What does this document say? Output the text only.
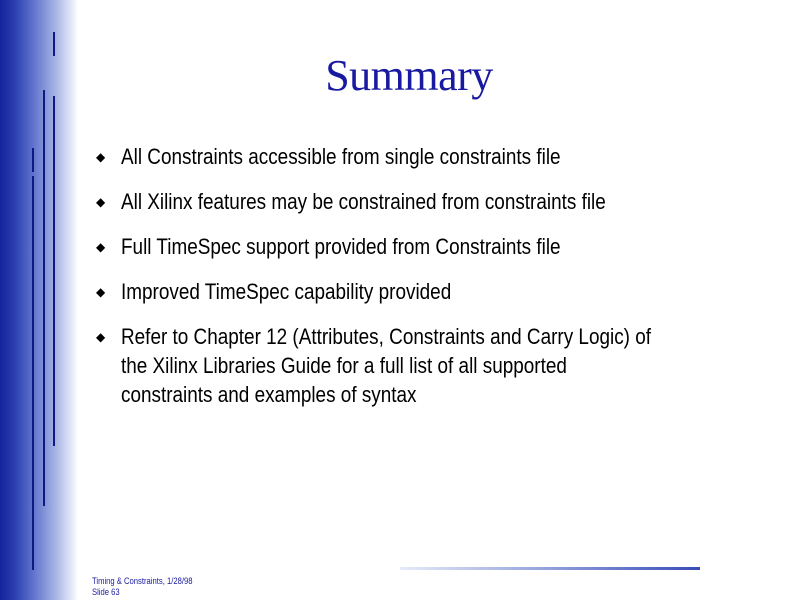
Summary
◆ All Constraints accessible from single constraints file
◆ All Xilinx features may be constrained from constraints file
◆ Full TimeSpec support provided from Constraints file
◆ Improved TimeSpec capability provided
◆ Refer to Chapter 12 (Attributes, Constraints and Carry Logic) of the Xilinx Libraries Guide for a full list of all supported constraints and examples of syntax
Timing & Constraints, 1/28/98
Slide 63
